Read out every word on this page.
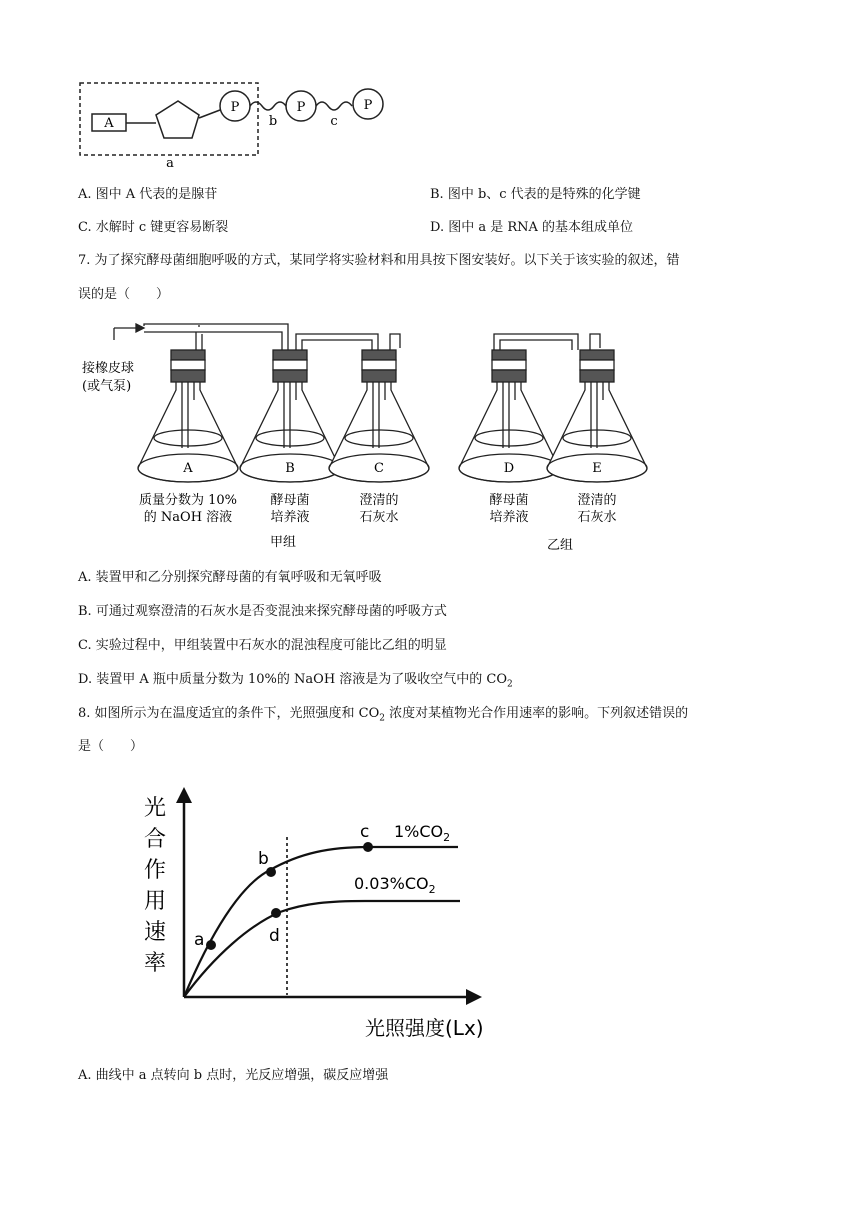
A
P
b
P
c
P
a
A. 图中 A 代表的是腺苷	B. 图中 b、c 代表的是特殊的化学键
C. 水解时 c 键更容易断裂	D. 图中 a 是 RNA 的基本组成单位
7. 为了探究酵母菌细胞呼吸的方式，某同学将实验材料和用具按下图安装好。以下关于该实验的叙述，错
误的是（　　）
接橡皮球
(或气泵)
A	B	C	D	E
质量分数为 10%
的 NaOH 溶液
酵母菌
培养液
澄清的
石灰水
酵母菌
培养液
澄清的
石灰水
甲组	乙组
A. 装置甲和乙分别探究酵母菌的有氧呼吸和无氧呼吸
B. 可通过观察澄清的石灰水是否变混浊来探究酵母菌的呼吸方式
C. 实验过程中，甲组装置中石灰水的混浊程度可能比乙组的明显
D. 装置甲 A 瓶中质量分数为 10%的 NaOH 溶液是为了吸收空气中的 $CO_2$
8. 如图所示为在温度适宜的条件下，光照强度和 $CO_2$ 浓度对某植物光合作用速率的影响。下列叙述错误的
是（　　）
光
合
作
用
速
率
a
b
c
d
$1\%CO_2$
$0.03\%CO_2$
光照强度(Lx)
A. 曲线中 a 点转向 b 点时，光反应增强，碳反应增强
